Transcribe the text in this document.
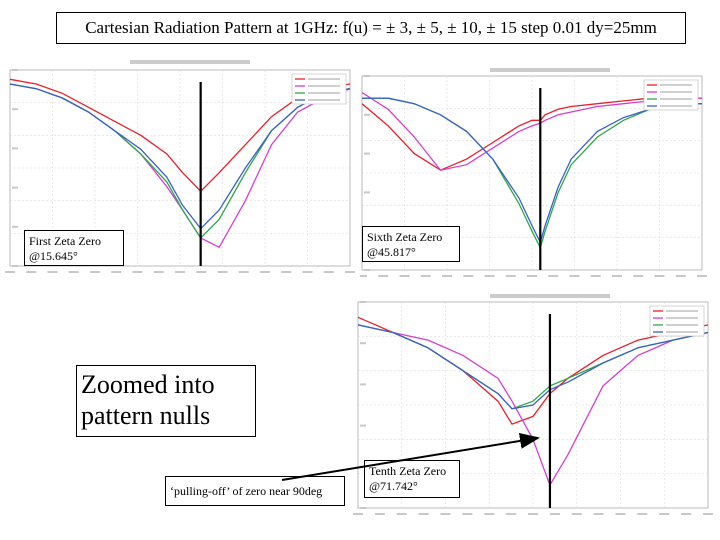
Cartesian Radiation Pattern at 1GHz: f(u) = ± 3, ± 5, ± 10, ± 15 step 0.01 dy=25mm
First Zeta Zero @15.645°
Sixth Zeta Zero @45.817°
Tenth Zeta Zero @71.742°
Zoomed into pattern nulls
‘pulling-off’ of zero near 90deg
